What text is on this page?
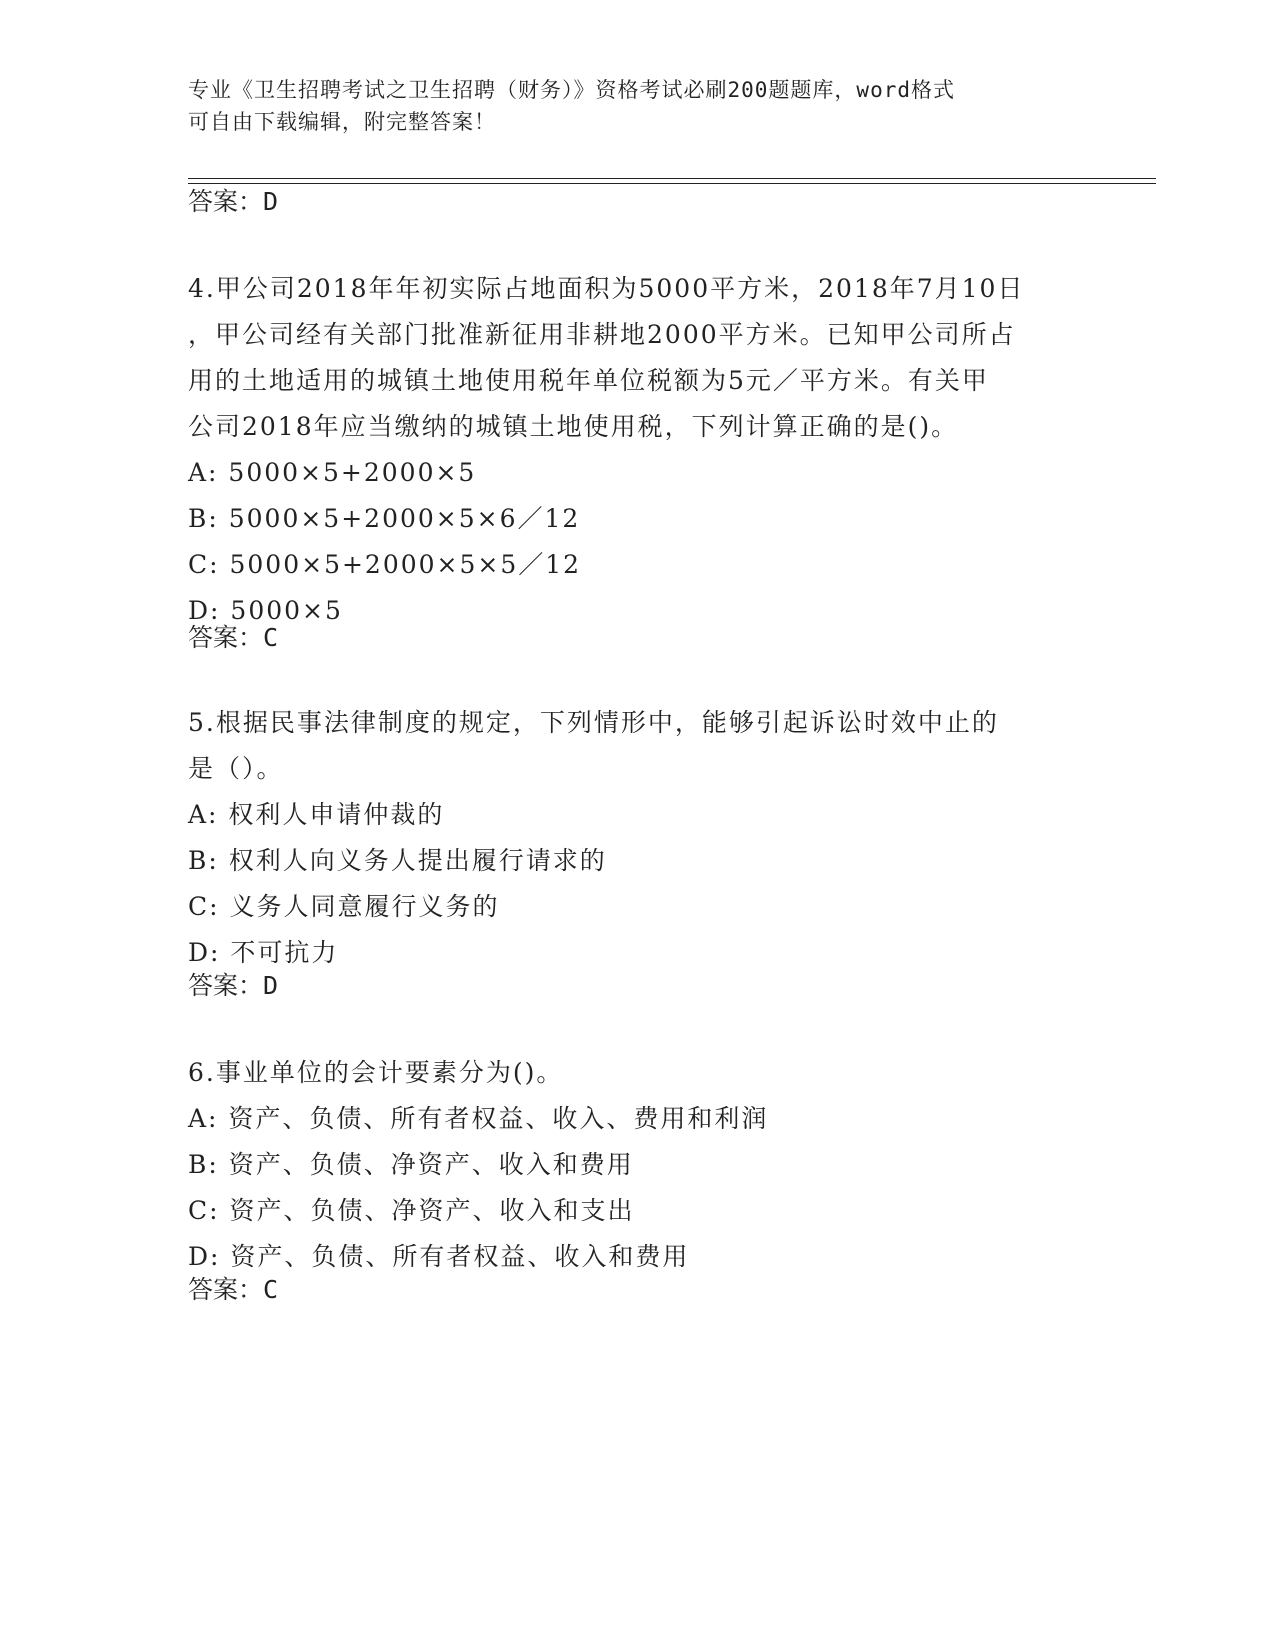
专业《卫生招聘考试之卫生招聘（财务）》资格考试必刷200题题库，word格式
可自由下载编辑，附完整答案！
答案：D
4.甲公司2018年年初实际占地面积为5000平方米，2018年7月10日
，甲公司经有关部门批准新征用非耕地2000平方米。已知甲公司所占
用的土地适用的城镇土地使用税年单位税额为5元／平方米。有关甲
公司2018年应当缴纳的城镇土地使用税，下列计算正确的是()。
A: 5000×5+2000×5
B: 5000×5+2000×5×6／12
C: 5000×5+2000×5×5／12
D: 5000×5
答案：C
5.根据民事法律制度的规定，下列情形中，能够引起诉讼时效中止的
是（）。
A: 权利人申请仲裁的
B: 权利人向义务人提出履行请求的
C: 义务人同意履行义务的
D: 不可抗力
答案：D
6.事业单位的会计要素分为()。
A: 资产、负债、所有者权益、收入、费用和利润
B: 资产、负债、净资产、收入和费用
C: 资产、负债、净资产、收入和支出
D: 资产、负债、所有者权益、收入和费用
答案：C
